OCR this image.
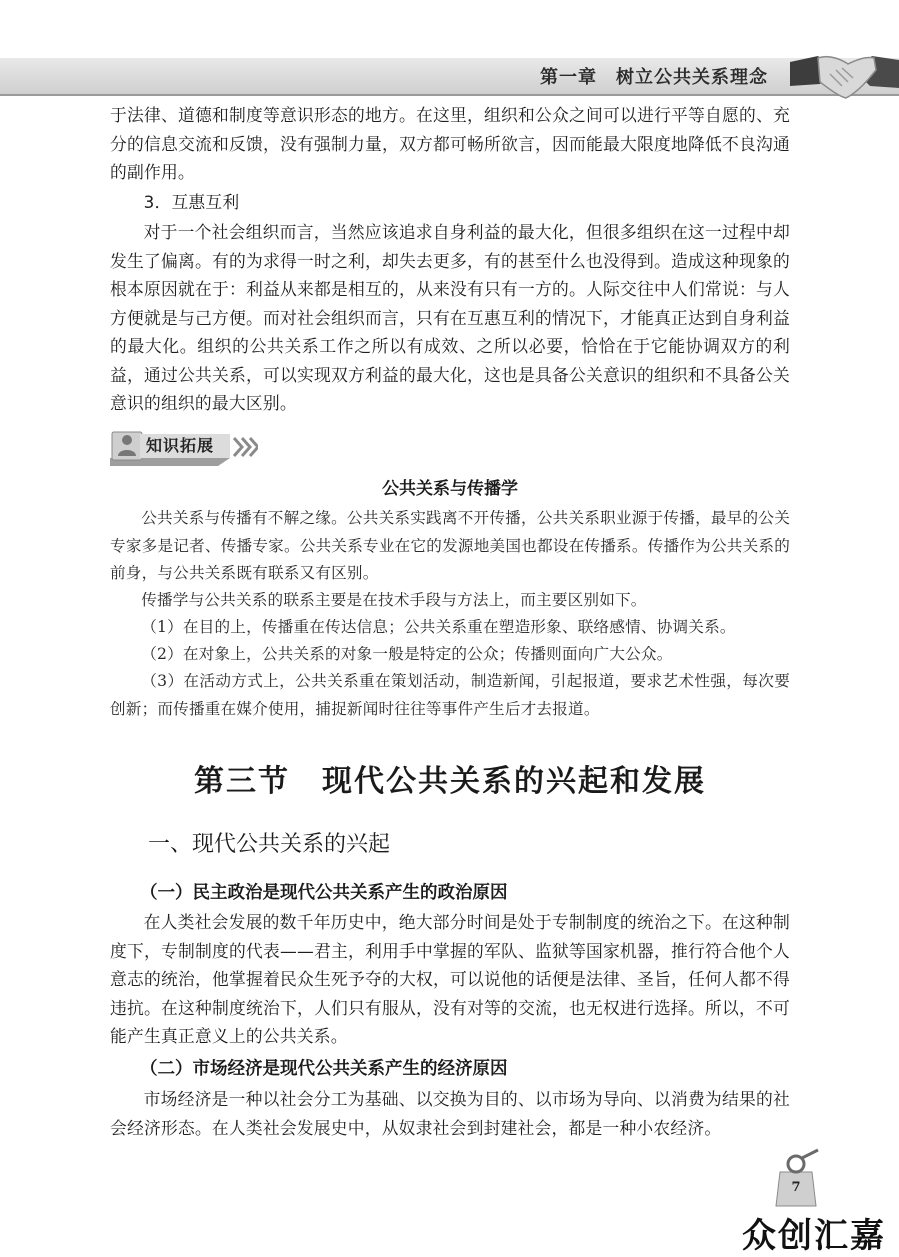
第一章　树立公共关系理念
于法律、道德和制度等意识形态的地方。在这里，组织和公众之间可以进行平等自愿的、充分的信息交流和反馈，没有强制力量，双方都可畅所欲言，因而能最大限度地降低不良沟通的副作用。
3．互惠互利
对于一个社会组织而言，当然应该追求自身利益的最大化，但很多组织在这一过程中却发生了偏离。有的为求得一时之利，却失去更多，有的甚至什么也没得到。造成这种现象的根本原因就在于：利益从来都是相互的，从来没有只有一方的。人际交往中人们常说：与人方便就是与己方便。而对社会组织而言，只有在互惠互利的情况下，才能真正达到自身利益的最大化。组织的公共关系工作之所以有成效、之所以必要，恰恰在于它能协调双方的利益，通过公共关系，可以实现双方利益的最大化，这也是具备公关意识的组织和不具备公关意识的组织的最大区别。
知识拓展
公共关系与传播学
公共关系与传播有不解之缘。公共关系实践离不开传播，公共关系职业源于传播，最早的公关专家多是记者、传播专家。公共关系专业在它的发源地美国也都设在传播系。传播作为公共关系的前身，与公共关系既有联系又有区别。
传播学与公共关系的联系主要是在技术手段与方法上，而主要区别如下。
（1）在目的上，传播重在传达信息；公共关系重在塑造形象、联络感情、协调关系。
（2）在对象上，公共关系的对象一般是特定的公众；传播则面向广大公众。
（3）在活动方式上，公共关系重在策划活动，制造新闻，引起报道，要求艺术性强，每次要创新；而传播重在媒介使用，捕捉新闻时往往等事件产生后才去报道。
第三节　现代公共关系的兴起和发展
一、现代公共关系的兴起
（一）民主政治是现代公共关系产生的政治原因
在人类社会发展的数千年历史中，绝大部分时间是处于专制制度的统治之下。在这种制度下，专制制度的代表——君主，利用手中掌握的军队、监狱等国家机器，推行符合他个人意志的统治，他掌握着民众生死予夺的大权，可以说他的话便是法律、圣旨，任何人都不得违抗。在这种制度统治下，人们只有服从，没有对等的交流，也无权进行选择。所以，不可能产生真正意义上的公共关系。
（二）市场经济是现代公共关系产生的经济原因
市场经济是一种以社会分工为基础、以交换为目的、以市场为导向、以消费为结果的社会经济形态。在人类社会发展史中，从奴隶社会到封建社会，都是一种小农经济。
7
众创汇嘉
